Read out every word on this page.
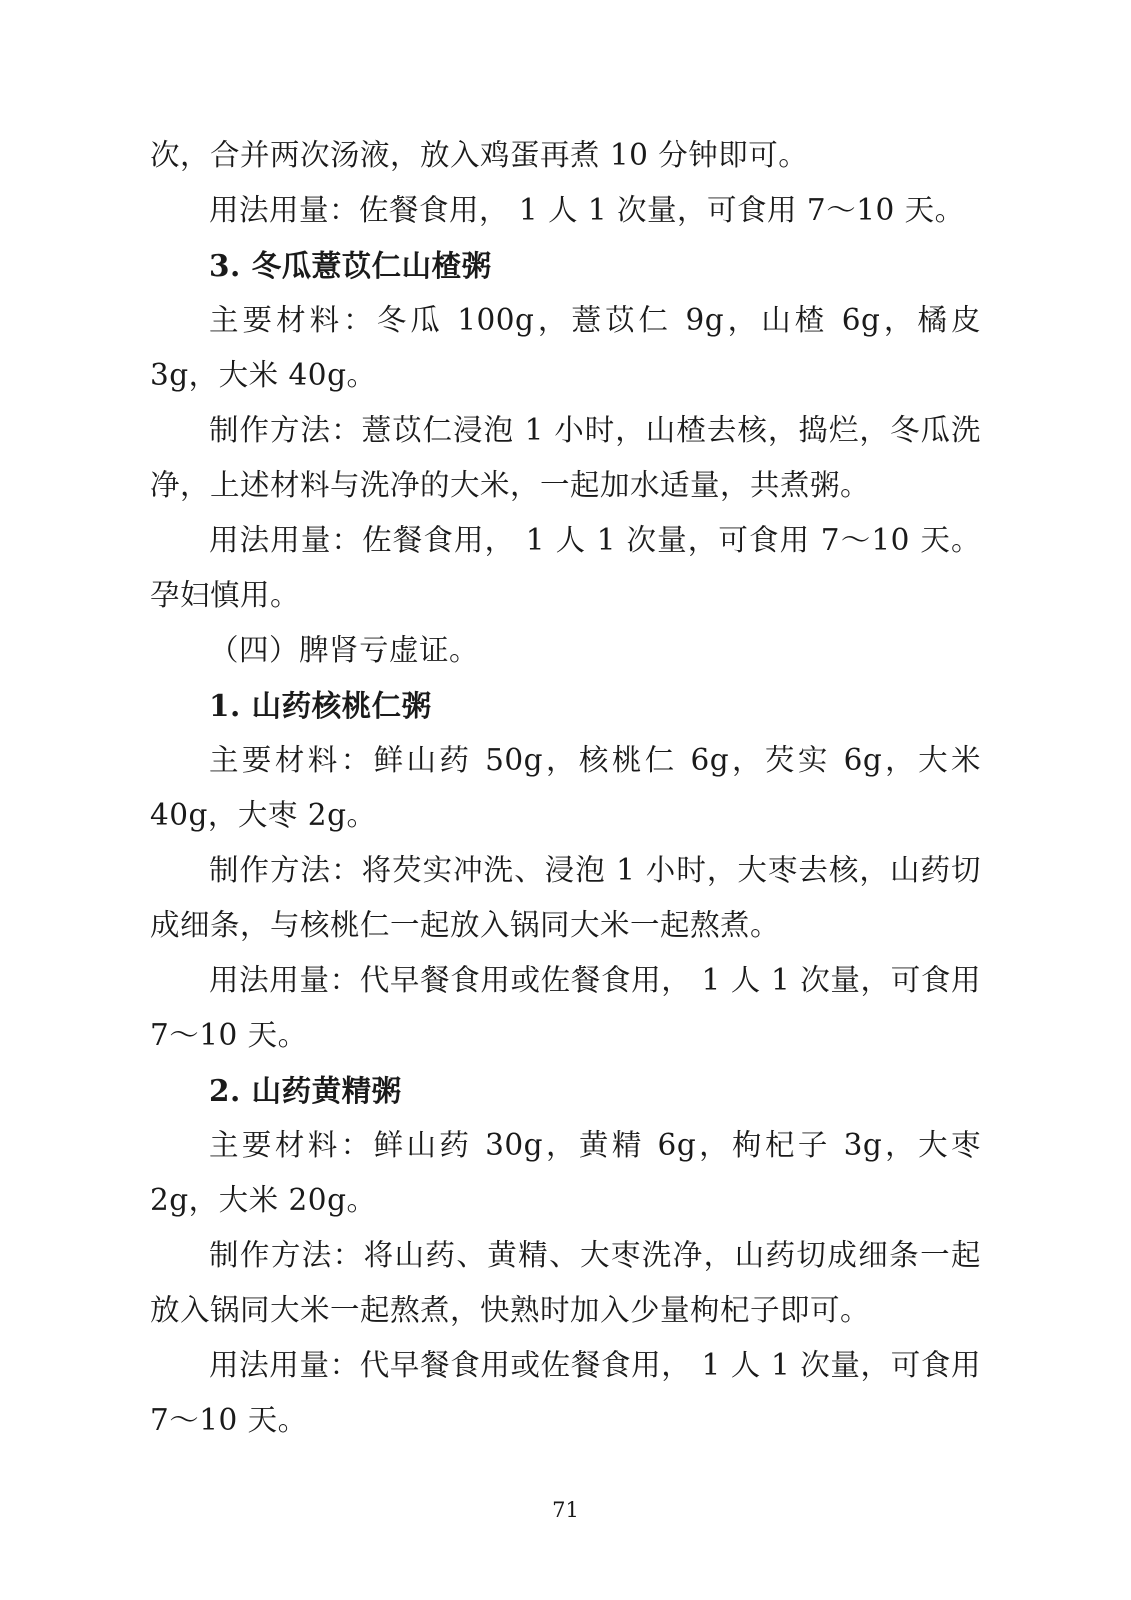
次，合并两次汤液，放入鸡蛋再煮 10 分钟即可。

用法用量：佐餐食用， 1 人 1 次量，可食用 7～10 天。

3. 冬瓜薏苡仁山楂粥

主要材料：冬瓜 100g，薏苡仁 9g，山楂 6g，橘皮 3g，大米 40g。

制作方法：薏苡仁浸泡 1 小时，山楂去核，捣烂，冬瓜洗净，上述材料与洗净的大米，一起加水适量，共煮粥。

用法用量：佐餐食用， 1 人 1 次量，可食用 7～10 天。孕妇慎用。

（四）脾肾亏虚证。

1. 山药核桃仁粥

主要材料：鲜山药 50g，核桃仁 6g，芡实 6g，大米 40g，大枣 2g。

制作方法：将芡实冲洗、浸泡 1 小时，大枣去核，山药切成细条，与核桃仁一起放入锅同大米一起熬煮。

用法用量：代早餐食用或佐餐食用， 1 人 1 次量，可食用 7～10 天。

2. 山药黄精粥

主要材料：鲜山药 30g，黄精 6g，枸杞子 3g，大枣 2g，大米 20g。

制作方法：将山药、黄精、大枣洗净，山药切成细条一起放入锅同大米一起熬煮，快熟时加入少量枸杞子即可。

用法用量：代早餐食用或佐餐食用， 1 人 1 次量，可食用 7～10 天。

71
